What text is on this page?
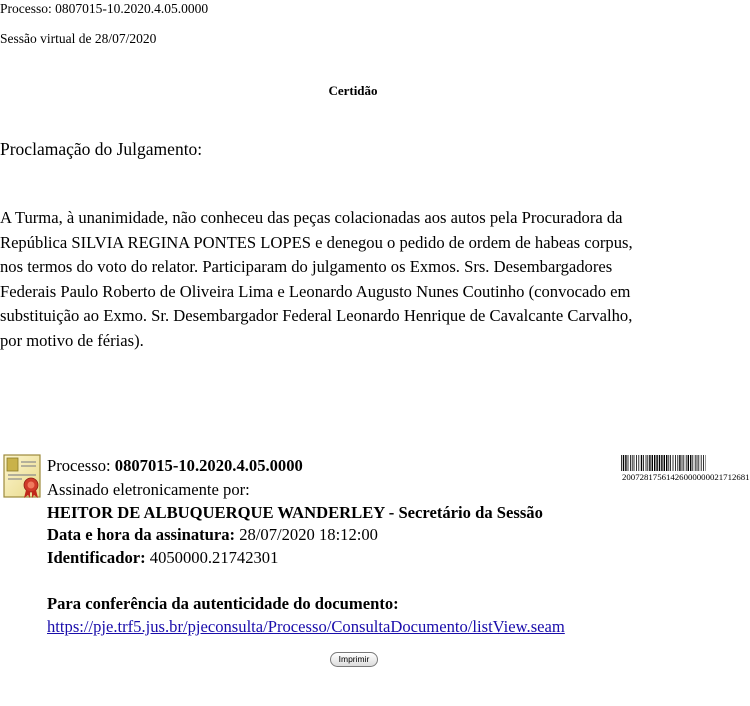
Processo: 0807015-10.2020.4.05.0000
Sessão virtual de 28/07/2020
Certidão
Proclamação do Julgamento:
A Turma, à unanimidade, não conheceu das peças colacionadas aos autos pela Procuradora da
República SILVIA REGINA PONTES LOPES e denegou o pedido de ordem de habeas corpus,
nos termos do voto do relator. Participaram do julgamento os Exmos. Srs. Desembargadores
Federais Paulo Roberto de Oliveira Lima e Leonardo Augusto Nunes Coutinho (convocado em
substituição ao Exmo. Sr. Desembargador Federal Leonardo Henrique de Cavalcante Carvalho,
por motivo de férias).
Processo: 0807015-10.2020.4.05.0000
Assinado eletronicamente por:
HEITOR DE ALBUQUERQUE WANDERLEY - Secretário da Sessão
Data e hora da assinatura: 28/07/2020 18:12:00
Identificador: 4050000.21742301
Para conferência da autenticidade do documento:
https://pje.trf5.jus.br/pjeconsulta/Processo/ConsultaDocumento/listView.seam
20072817561426000000021712681
Imprimir
